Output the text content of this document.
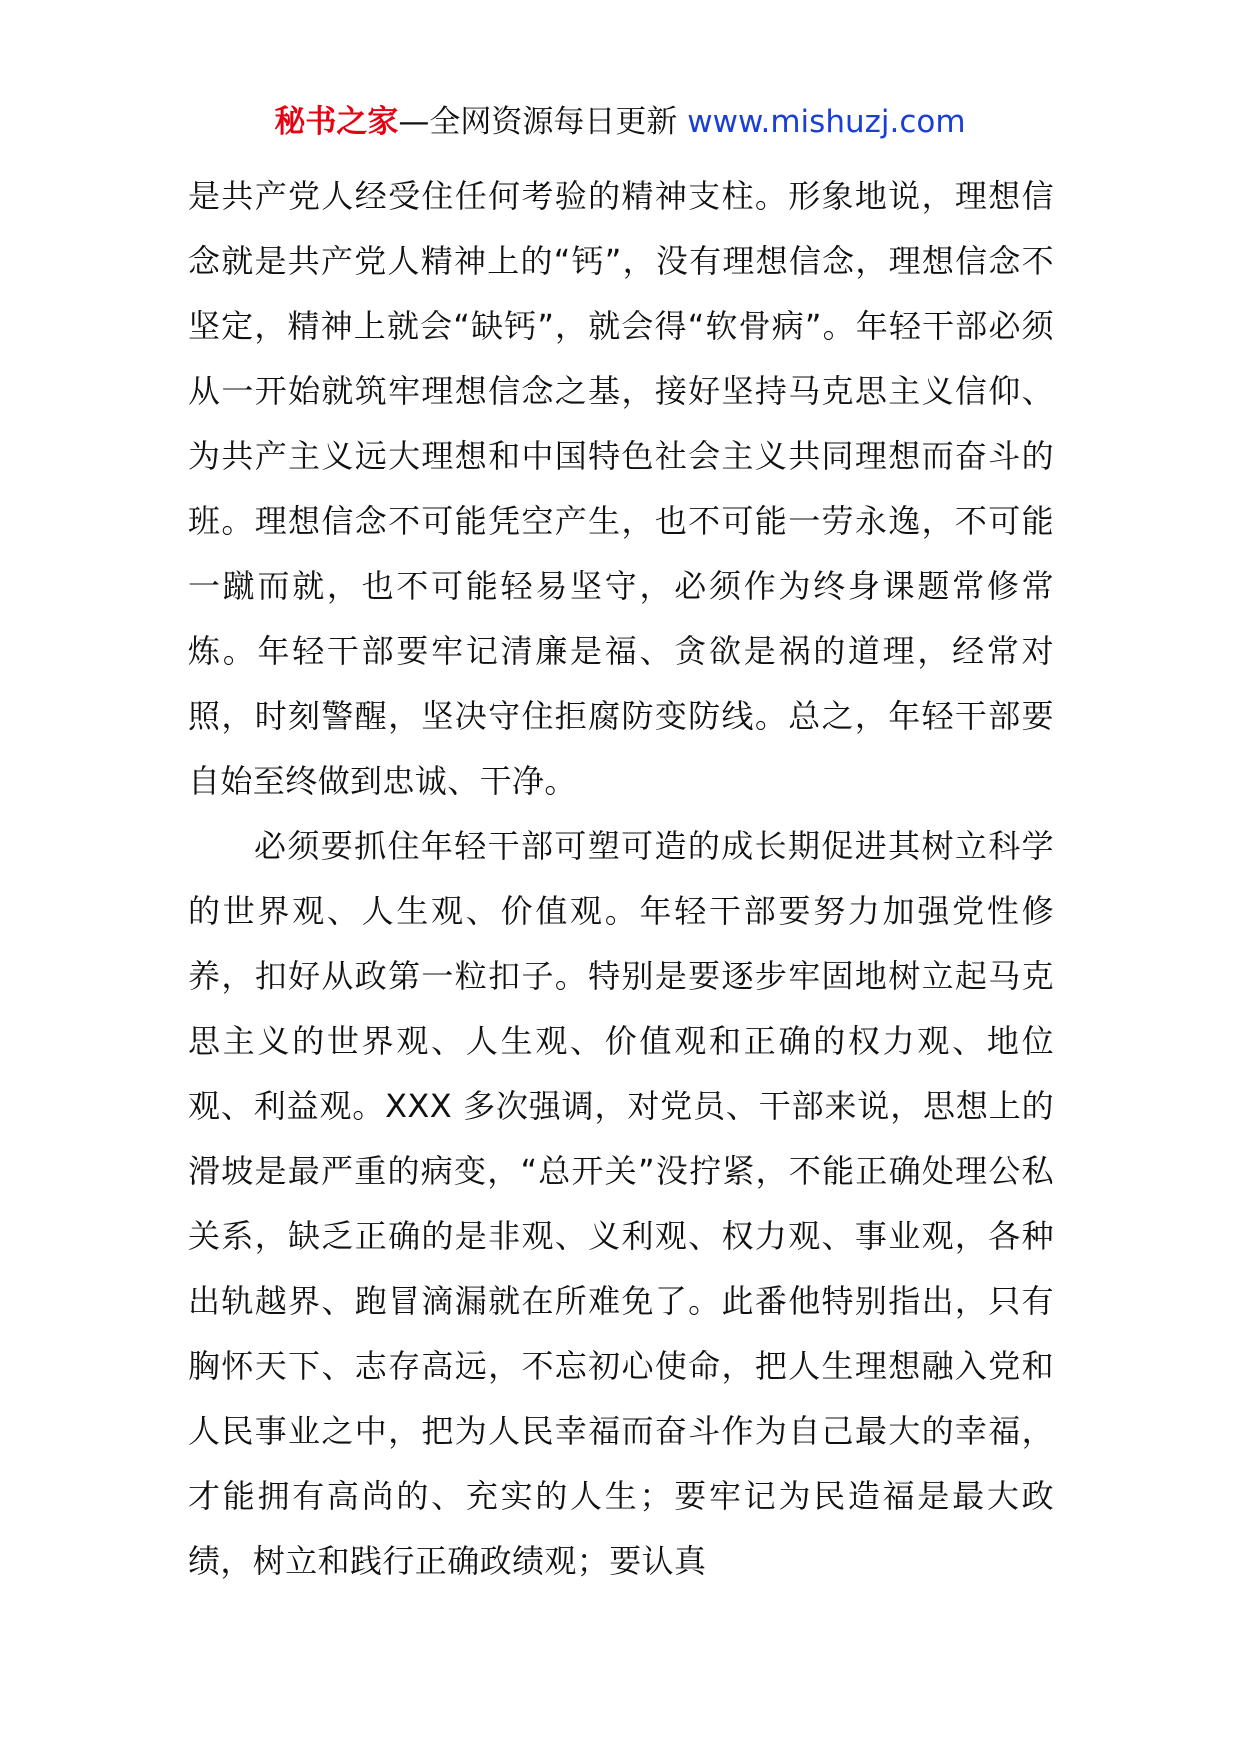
秘书之家—全网资源每日更新 www.mishuzj.com

是共产党人经受住任何考验的精神支柱。形象地说，理想信念就是共产党人精神上的“钙”，没有理想信念，理想信念不坚定，精神上就会“缺钙”，就会得“软骨病”。年轻干部必须从一开始就筑牢理想信念之基，接好坚持马克思主义信仰、为共产主义远大理想和中国特色社会主义共同理想而奋斗的班。理想信念不可能凭空产生，也不可能一劳永逸，不可能一蹴而就，也不可能轻易坚守，必须作为终身课题常修常炼。年轻干部要牢记清廉是福、贪欲是祸的道理，经常对照，时刻警醒，坚决守住拒腐防变防线。总之，年轻干部要自始至终做到忠诚、干净。

必须要抓住年轻干部可塑可造的成长期促进其树立科学的世界观、人生观、价值观。年轻干部要努力加强党性修养，扣好从政第一粒扣子。特别是要逐步牢固地树立起马克思主义的世界观、人生观、价值观和正确的权力观、地位观、利益观。XXX 多次强调，对党员、干部来说，思想上的滑坡是最严重的病变，“总开关”没拧紧，不能正确处理公私关系，缺乏正确的是非观、义利观、权力观、事业观，各种出轨越界、跑冒滴漏就在所难免了。此番他特别指出，只有胸怀天下、志存高远，不忘初心使命，把人生理想融入党和人民事业之中，把为人民幸福而奋斗作为自己最大的幸福，才能拥有高尚的、充实的人生；要牢记为民造福是最大政绩，树立和践行正确政绩观；要认真
